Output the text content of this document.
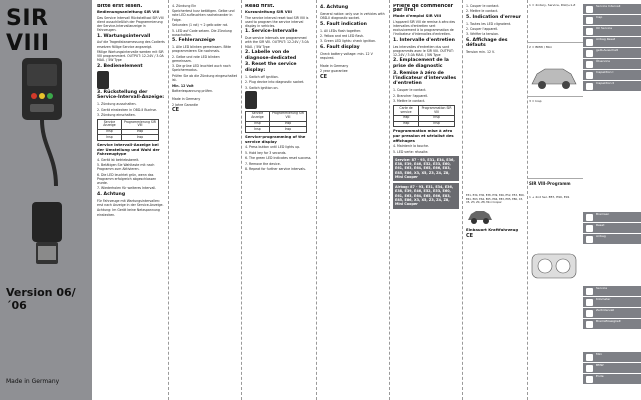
SIR VIII
Version 06/´06
Made in Germany
Bitte erst lesen.
Bedienungsanleitung SIR VIII

Das Service Intervall Rückstelltool SIR VIII dient ausschließlich der Programmierung der Service-Intervallanzeige in Fahrzeugen.

1. Wartungsintervall

Auf die Tragedistanzmessung des Codierts ersetzen fällige Service angezeigt.

Fällige Wartungsintervalle werden mit SIR VIII programmiert. OUTPUT: 12-24V / 3.0A MAX. / 5W Type

2. Bedienelement
3. Rückstellung der Service-Intervall-Anzeige:
1. Zündung ausschalten.
2. Gerät einstecken in OBD-II Buchse.
3. Zündung einschalten.
Service Anzeige	Programmierung SIR VIII
Insp	Insp
Insp	Insp
Service Intervall-Anzeige bei der Umstellung und Wahl der Fahrzeugtype
4. Gerät ist betriebsbereit.
5. Betätigen Sie Wahltaste mit nach Programm zum Aktivieren.
6. Die LED leuchtet grün, wenn das Programm erfolgreich abgeschlossen wurde.
7. Wiederholen für weiteres Intervall.
4. Achtung

Für Fahrzeuge mit Wartungsintervallen: erst nach Anzeige in der Service-Anzeige.

Achtung: Im Gerät keine Netzspannung einstecken.

4. Zündung Ein

Speichertest kurz betätigen. Gelbe und rote LED aufleuchten nacheinander in Folge.

Sekunden (1 rot) → 2 gelb oder rot.

5. LED auf Code setzen. Die Zündung ausschalten.

5. Fehleranzeige
1. Alle LED blinken gemeinsam. Bitte programmieren Sie nochmals.
2. Gelbe und rote LED blinken gemeinsam.
3. Die grüne LED leuchtet auch nach Speichermodus.

Prüfen Sie ob die Zündung eingeschaltet ist.

Min. 12 Volt

Batteriespannung prüfen.

Made in Germany

2 Jahre Garantie

CE
Read first.
Kurzanleitung SIR VIII

The service interval reset tool SIR VIII is used to program the service interval display in vehicles.

1. Service-Intervalle

Due service intervals are programmed with the SIR VIII. OUTPUT: 12-24V / 3.0A MAX. / 5W Type

2. Labelle von de diagnose-dedicated
3. Reset the service display:
1. Switch off ignition.
2. Plug device into diagnostic socket.
3. Switch ignition on.
Service Anzeige	Programmierung SIR VIII
Insp	Insp
Insp	Insp
Service-programming of the service display
4. Press button until LED lights up.
5. Hold key for 3 seconds.
6. The green LED indicates reset success.
7. Remove the device.
8. Repeat for further service intervals.
4. Achtung

General notice: only use in vehicles with OBD-II diagnostic socket.

5. Fault indication
1. All LEDs flash together.
2. Yellow and red LED flash.
3. Green LED lights: check ignition.
6. Fault display

Check battery voltage: min. 12 V required.

Made in Germany

2 year guarantee

CE
Prière de commencer par lire!
Mode d'emploi SIR VIII

L'appareil SIR VIII de remise à zéro des intervalles d'entretien sert exclusivement à la programmation de l'indicateur d'intervalles d'entretien.

1. Intervalle d'entretien

Les intervalles d'entretien dus sont programmés avec le SIR VIII. OUTPUT: 12-24V / 3.0A MAX. / 5W Type

2. Emplacement de la prise de diagnostic
3. Remise à zéro de l'indicateur d'intervalles d'entretien
1. Couper le contact.
2. Brancher l'appareil.
3. Mettre le contact.
Carte de service	Programmation SIR VIII
Insp	Insp
Insp	Insp
Programmation mise à zéro par pression et sérialisé des affichages
4. Maintenir la touche.
5. LED verte: réussite.
Service: 87 - 93, E31, E34, E36, E38, E39, E46, E52, E53, E60, E61, E63, E64, E65, E66, E83, E85, E86, X3, X5, Z3, Z4, Z8, Mini Cooper
Airbag: 87 - 93, E31, E34, E36, E38, E39, E46, E52, E53, E60, E61, E63, E64, E65, E66, E83, E85, E86, X3, X5, Z3, Z4, Z8, Mini Cooper
1. Couper le contact.
2. Mettre le contact.
5. Indication d'erreur
1. Toutes les LED clignotent.
2. Couper l'appareil.
3. Vérifier la tension.
6. Affichage des défauts

Tension min. 12 V.

E31, E34, E36, E38, E39, E46, E52, E53, E60, E61, E63, E64, E65, E66, E83, E85, E86, X3, X5, Z3, Z4, Z8, Mini Cooper

Einbauort Kraftfahrzeug
CE
1 = 2ndary, Service, DGQ+1-Z
2 = BMW / Mini
3 = Insp
SIR VIII-Programm
1 + 2nd Ser. E87, E90, E91
Service Intervall
Insp
Oil Service
Airbag Reset
gelb-Ausschalt
Ölservice
Inspektion I
Inspektion II
Bremsen
Reset
Airbag
Service
Kilometer
Zeitintervall
Bremsflüssigkeit
Mini
BMW
Ende
